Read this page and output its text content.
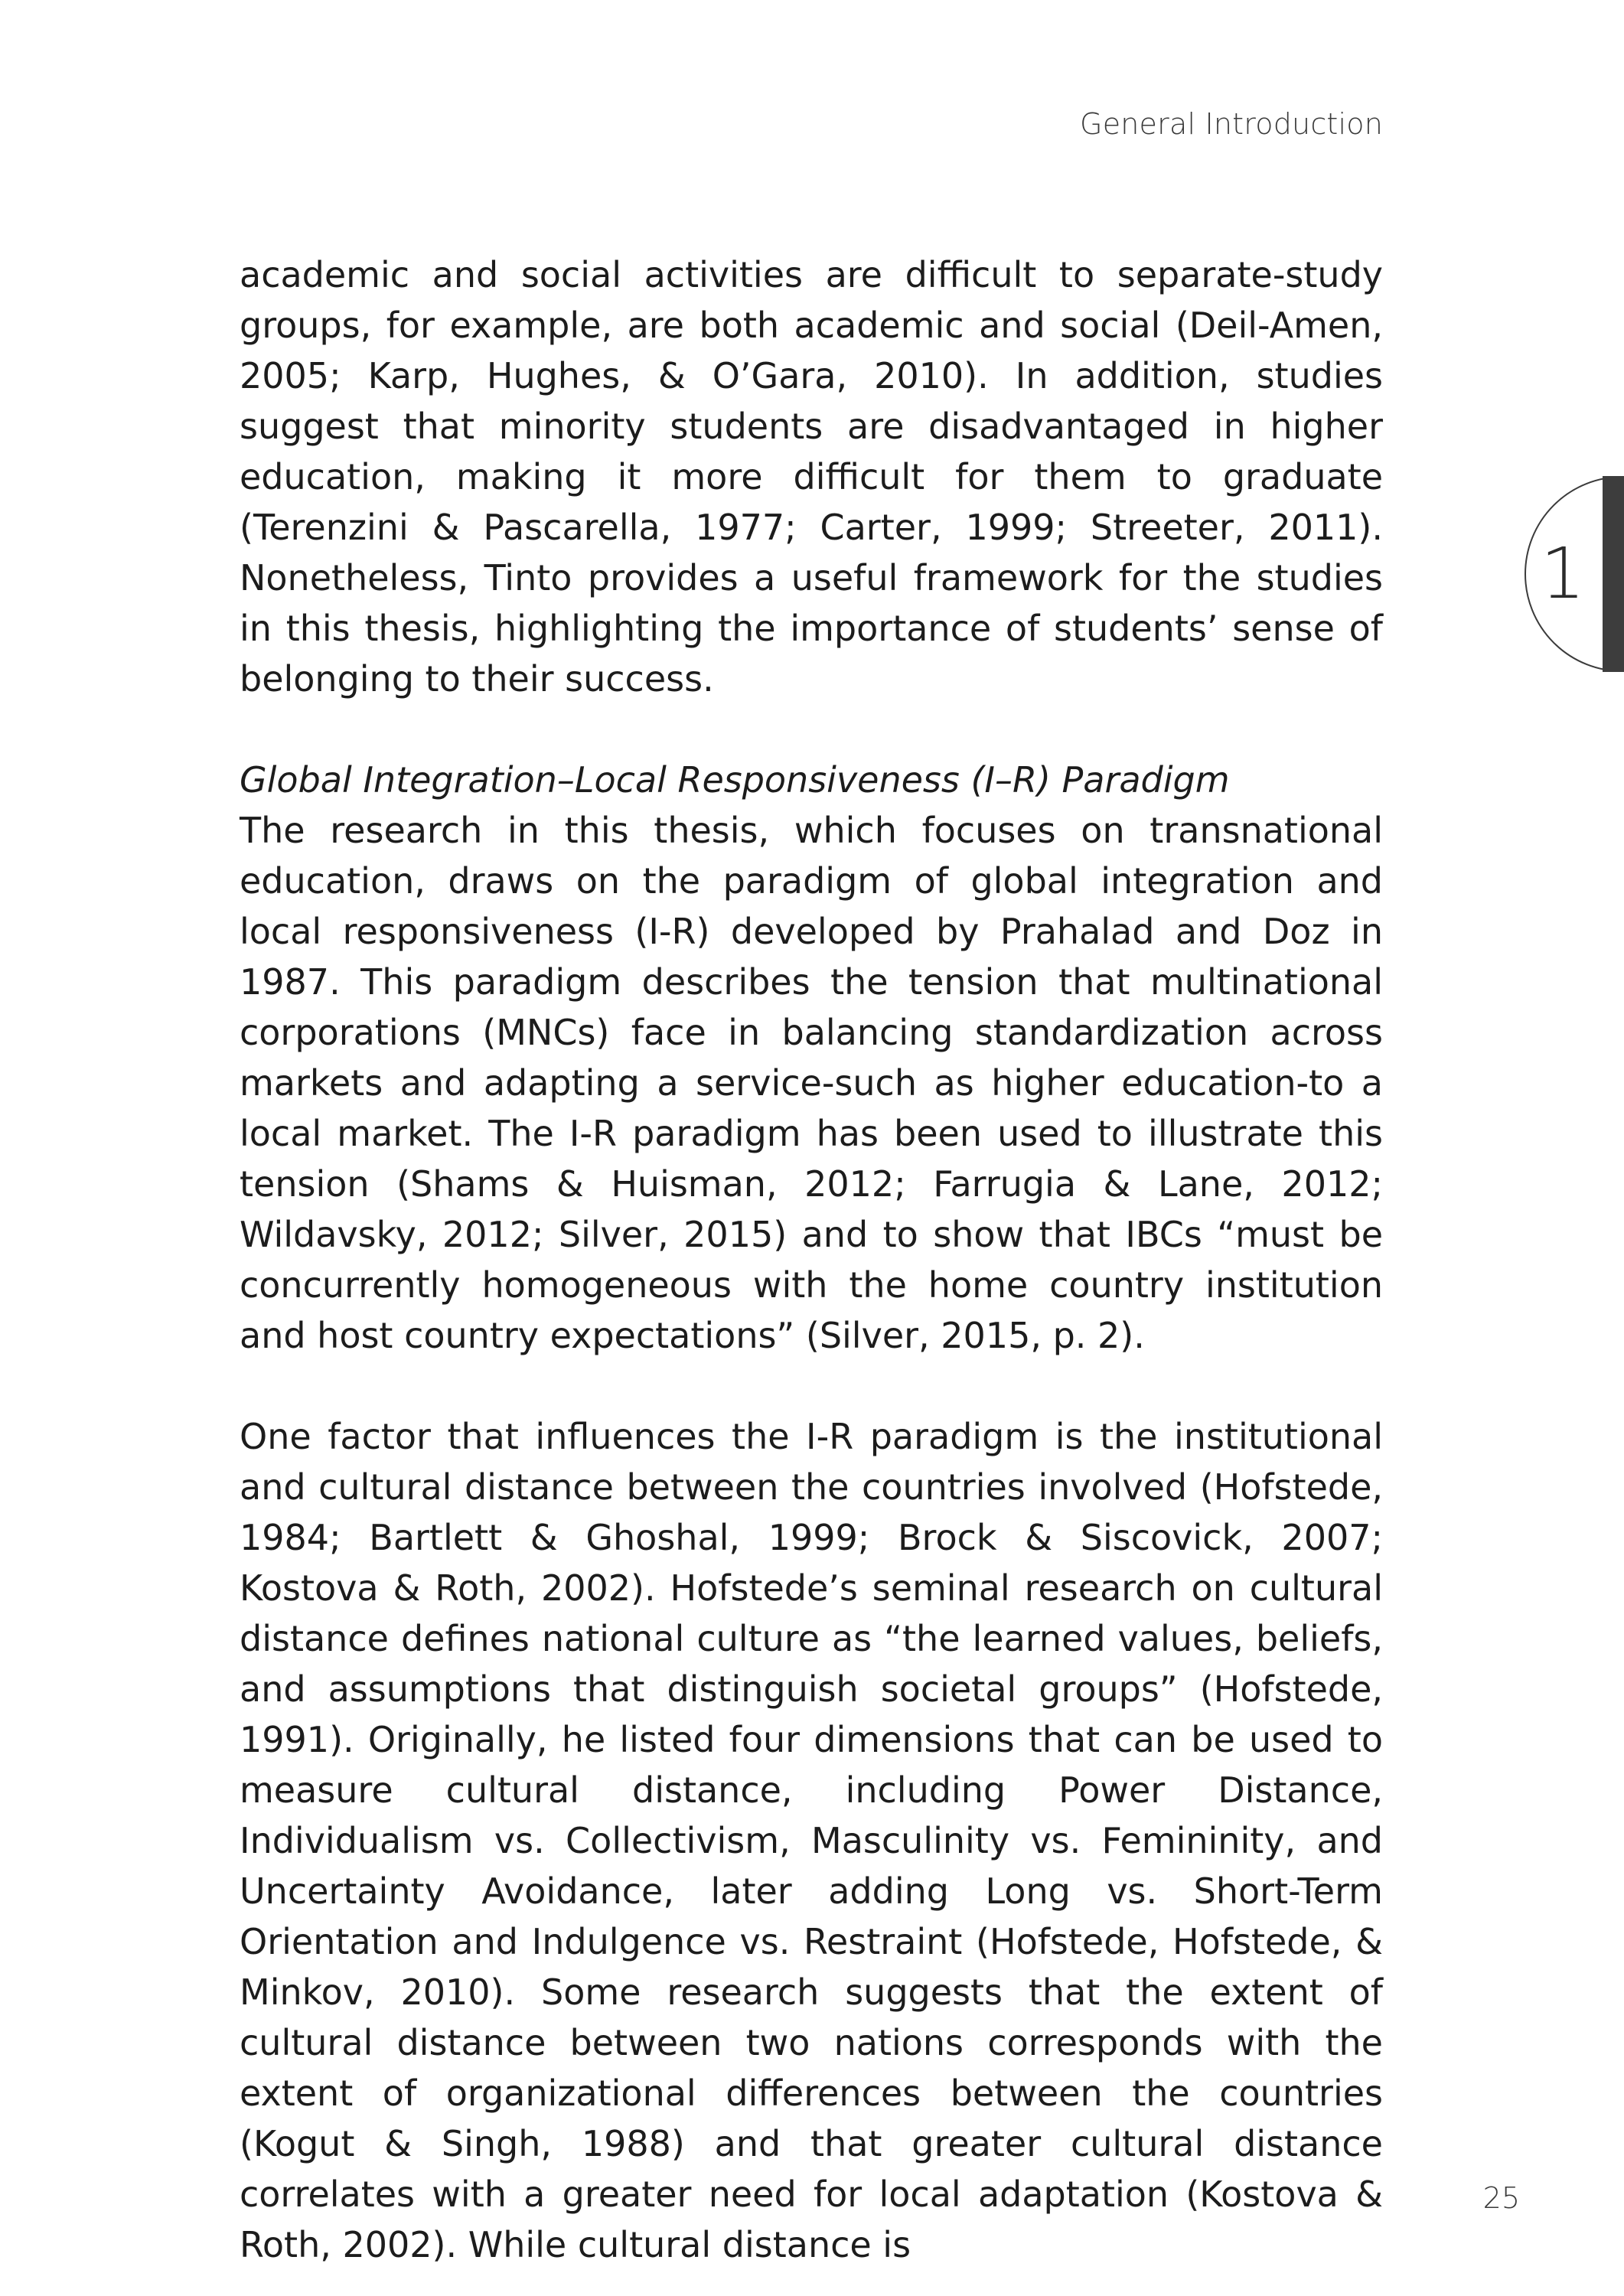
General Introduction
1

academic and social activities are difficult to separate-study groups, for example, are both academic and social (Deil-Amen, 2005; Karp, Hughes, & O’Gara, 2010). In addition, studies suggest that minority students are disadvantaged in higher education, making it more difficult for them to graduate (Terenzini & Pascarella, 1977; Carter, 1999; Streeter, 2011). Nonetheless, Tinto provides a useful framework for the studies in this thesis, highlighting the importance of students’ sense of belonging to their success.

Global Integration–Local Responsiveness (I–R) Paradigm

The research in this thesis, which focuses on transnational education, draws on the paradigm of global integration and local responsiveness (I-R) developed by Prahalad and Doz in 1987. This paradigm describes the tension that multinational corporations (MNCs) face in balancing standardization across markets and adapting a service-such as higher education-to a local market. The I-R paradigm has been used to illustrate this tension (Shams & Huisman, 2012; Farrugia & Lane, 2012; Wildavsky, 2012; Silver, 2015) and to show that IBCs “must be concurrently homogeneous with the home country institution and host country expectations” (Silver, 2015, p. 2).

One factor that influences the I-R paradigm is the institutional and cultural distance between the countries involved (Hofstede, 1984; Bartlett & Ghoshal, 1999; Brock & Siscovick, 2007; Kostova & Roth, 2002). Hofstede’s seminal research on cultural distance defines national culture as “the learned values, beliefs, and assumptions that distinguish societal groups” (Hofstede, 1991). Originally, he listed four dimensions that can be used to measure cultural distance, including Power Distance, Individualism vs. Collectivism, Masculinity vs. Femininity, and Uncertainty Avoidance, later adding Long vs. Short-Term Orientation and Indulgence vs. Restraint (Hofstede, Hofstede, & Minkov, 2010). Some research suggests that the extent of cultural distance between two nations corresponds with the extent of organizational differences between the countries (Kogut & Singh, 1988) and that greater cultural distance correlates with a greater need for local adaptation (Kostova & Roth, 2002). While cultural distance is

25
